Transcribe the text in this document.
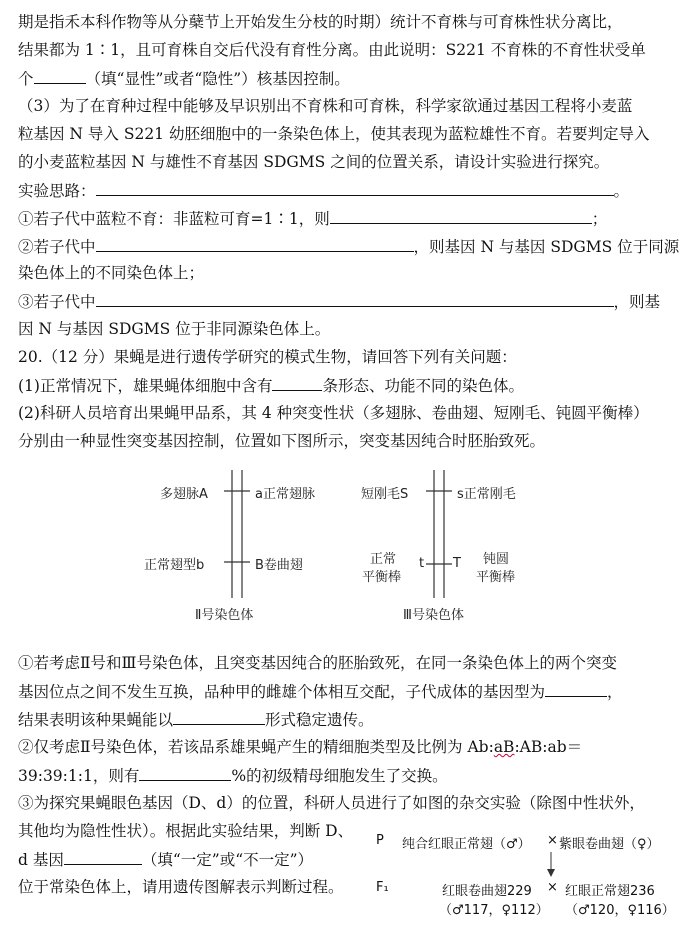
期是指禾本科作物等从分蘖节上开始发生分枝的时期）统计不育株与可育株性状分离比，
结果都为 1∶1，且可育株自交后代没有育性分离。由此说明：S221 不育株的不育性状受单
个	（填“显性”或者“隐性”）核基因控制。
（3）为了在育种过程中能够及早识别出不育株和可育株，科学家欲通过基因工程将小麦蓝
粒基因 N 导入 S221 幼胚细胞中的一条染色体上，使其表现为蓝粒雄性不育。若要判定导入
的小麦蓝粒基因 N 与雄性不育基因 SDGMS 之间的位置关系，请设计实验进行探究。
实验思路：	。
①若子代中蓝粒不育：非蓝粒可育=1∶1，则	；
②若子代中	，则基因 N 与基因 SDGMS 位于同源
染色体上的不同染色体上；
③若子代中	，则基
因 N 与基因 SDGMS 位于非同源染色体上。
20.（12 分）果蝇是进行遗传学研究的模式生物，请回答下列有关问题：
(1)正常情况下，雄果蝇体细胞中含有	条形态、功能不同的染色体。
(2)科研人员培育出果蝇甲品系，其 4 种突变性状（多翅脉、卷曲翅、短刚毛、钝圆平衡棒）
分别由一种显性突变基因控制，位置如下图所示，突变基因纯合时胚胎致死。
多翅脉A	a正常翅脉
正常翅型b	B卷曲翅
Ⅱ号染色体
短刚毛S	s正常刚毛
正常
平衡棒
t T 钝圆
平衡棒
Ⅲ号染色体
①若考虑Ⅱ号和Ⅲ号染色体，且突变基因纯合的胚胎致死，在同一条染色体上的两个突变
基因位点之间不发生互换，品种甲的雌雄个体相互交配，子代成体的基因型为	，
结果表明该种果蝇能以	形式稳定遗传。
②仅考虑Ⅱ号染色体，若该品系雄果蝇产生的精细胞类型及比例为 Ab:aB:AB:ab＝
39:39:1:1，则有	%的初级精母细胞发生了交换。
③为探究果蝇眼色基因（D、d）的位置，科研人员进行了如图的杂交实验（除图中性状外，
其他均为隐性性状）。根据此实验结果，判断 D、
d 基因	（填“一定”或“不一定”）
位于常染色体上，请用遗传图解表示判断过程。
P 纯合红眼正常翅（♂） × 紫眼卷曲翅（♀）
F₁	红眼卷曲翅229 × 红眼正常翅236
（♂117，♀112） （♂120，♀116）
